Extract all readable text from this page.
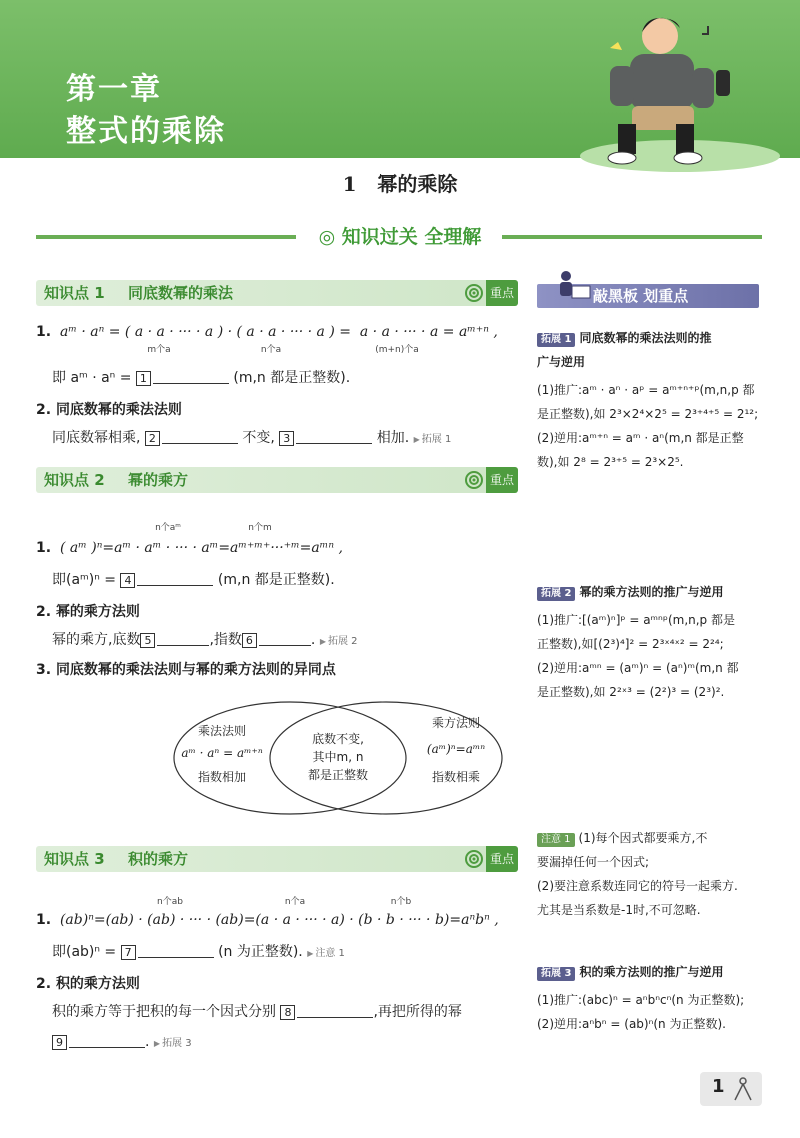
第一章
整式的乘除
1 幂的乘除
◎ 知识过关 全理解
知识点 1 同底数幂的乘法	重点
1.  aᵐ · aⁿ = ( a · a · ··· · a ) · ( a · a · ··· · a ) =  a · a · ··· · a = aᵐ⁺ⁿ ,
m个a	n个a	(m+n)个a
即 aᵐ · aⁿ = 1	(m,n 都是正整数).
2. 同底数幂的乘法法则
同底数幂相乘, 2	不变, 3	相加. ▶ 拓展 1
知识点 2 幂的乘方	重点
n个aᵐ	n个m
1.  ( aᵐ )ⁿ=aᵐ · aᵐ · ··· · aᵐ=aᵐ⁺ᵐ⁺···⁺ᵐ=aᵐⁿ ,
即(aᵐ)ⁿ = 4	(m,n 都是正整数).
2. 幂的乘方法则
幂的乘方,底数 5	,指数 6	. ▶ 拓展 2
3. 同底数幂的乘法法则与幂的乘方法则的异同点
乘法法则
aᵐ · aⁿ = aᵐ⁺ⁿ
指数相加
底数不变,
其中m, n
都是正整数
乘方法则
(aᵐ)ⁿ=aᵐⁿ
指数相乘
知识点 3 积的乘方	重点
n个ab	n个a	n个b
1.  (ab)ⁿ=(ab) · (ab) · ··· · (ab)=(a · a · ··· · a) · (b · b · ··· · b)=aⁿbⁿ ,
即(ab)ⁿ = 7	(n 为正整数). ▶ 注意 1
2. 积的乘方法则
积的乘方等于把积的每一个因式分别 8	,再把所得的幂
9	. ▶ 拓展 3
敲黑板 划重点
拓展 1 同底数幂的乘法法则的推
广与逆用
(1)推广:aᵐ · aⁿ · aᵖ = aᵐ⁺ⁿ⁺ᵖ(m,n,p 都
是正整数),如 2³×2⁴×2⁵ = 2³⁺⁴⁺⁵ = 2¹²;
(2)逆用:aᵐ⁺ⁿ = aᵐ · aⁿ(m,n 都是正整
数),如 2⁸ = 2³⁺⁵ = 2³×2⁵.
拓展 2 幂的乘方法则的推广与逆用
(1)推广:[(aᵐ)ⁿ]ᵖ = aᵐⁿᵖ(m,n,p 都是
正整数),如[(2³)⁴]² = 2³ˣ⁴ˣ² = 2²⁴;
(2)逆用:aᵐⁿ = (aᵐ)ⁿ = (aⁿ)ᵐ(m,n 都
是正整数),如 2²ˣ³ = (2²)³ = (2³)².
注意 1 (1)每个因式都要乘方,不
要漏掉任何一个因式;
(2)要注意系数连同它的符号一起乘方.
尤其是当系数是-1时,不可忽略.
拓展 3 积的乘方法则的推广与逆用
(1)推广:(abc)ⁿ = aⁿbⁿcⁿ(n 为正整数);
(2)逆用:aⁿbⁿ = (ab)ⁿ(n 为正整数).
1
